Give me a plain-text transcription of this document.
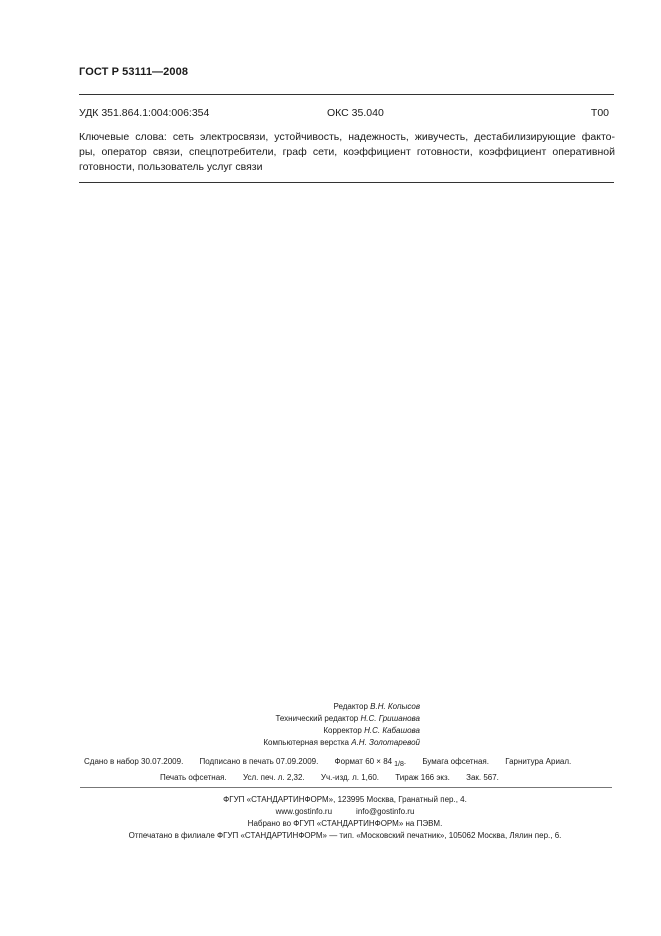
ГОСТ Р 53111—2008
УДК 351.864.1:004:006:354	ОКС 35.040	Т00
Ключевые слова: сеть электросвязи, устойчивость, надежность, живучесть, дестабилизирующие факто-
ры, оператор связи, спецпотребители, граф сети, коэффициент готовности, коэффициент оперативной
готовности, пользователь услуг связи
Редактор В.Н. Копысов
Технический редактор Н.С. Гришанова
Корректор Н.С. Кабашова
Компьютерная верстка А.Н. Золотаревой
Сдано в набор 30.07.2009. Подписано в печать 07.09.2009. Формат 60 × 84 1/8. Бумага офсетная. Гарнитура Ариал.
Печать офсетная. Усл. печ. л. 2,32. Уч.-изд. л. 1,60. Тираж 166 экз. Зак. 567.
ФГУП «СТАНДАРТИНФОРМ», 123995 Москва, Гранатный пер., 4.
www.gostinfo.ru	info@gostinfo.ru
Набрано во ФГУП «СТАНДАРТИНФОРМ» на ПЭВМ.
Отпечатано в филиале ФГУП «СТАНДАРТИНФОРМ» — тип. «Московский печатник», 105062 Москва, Лялин пер., 6.
